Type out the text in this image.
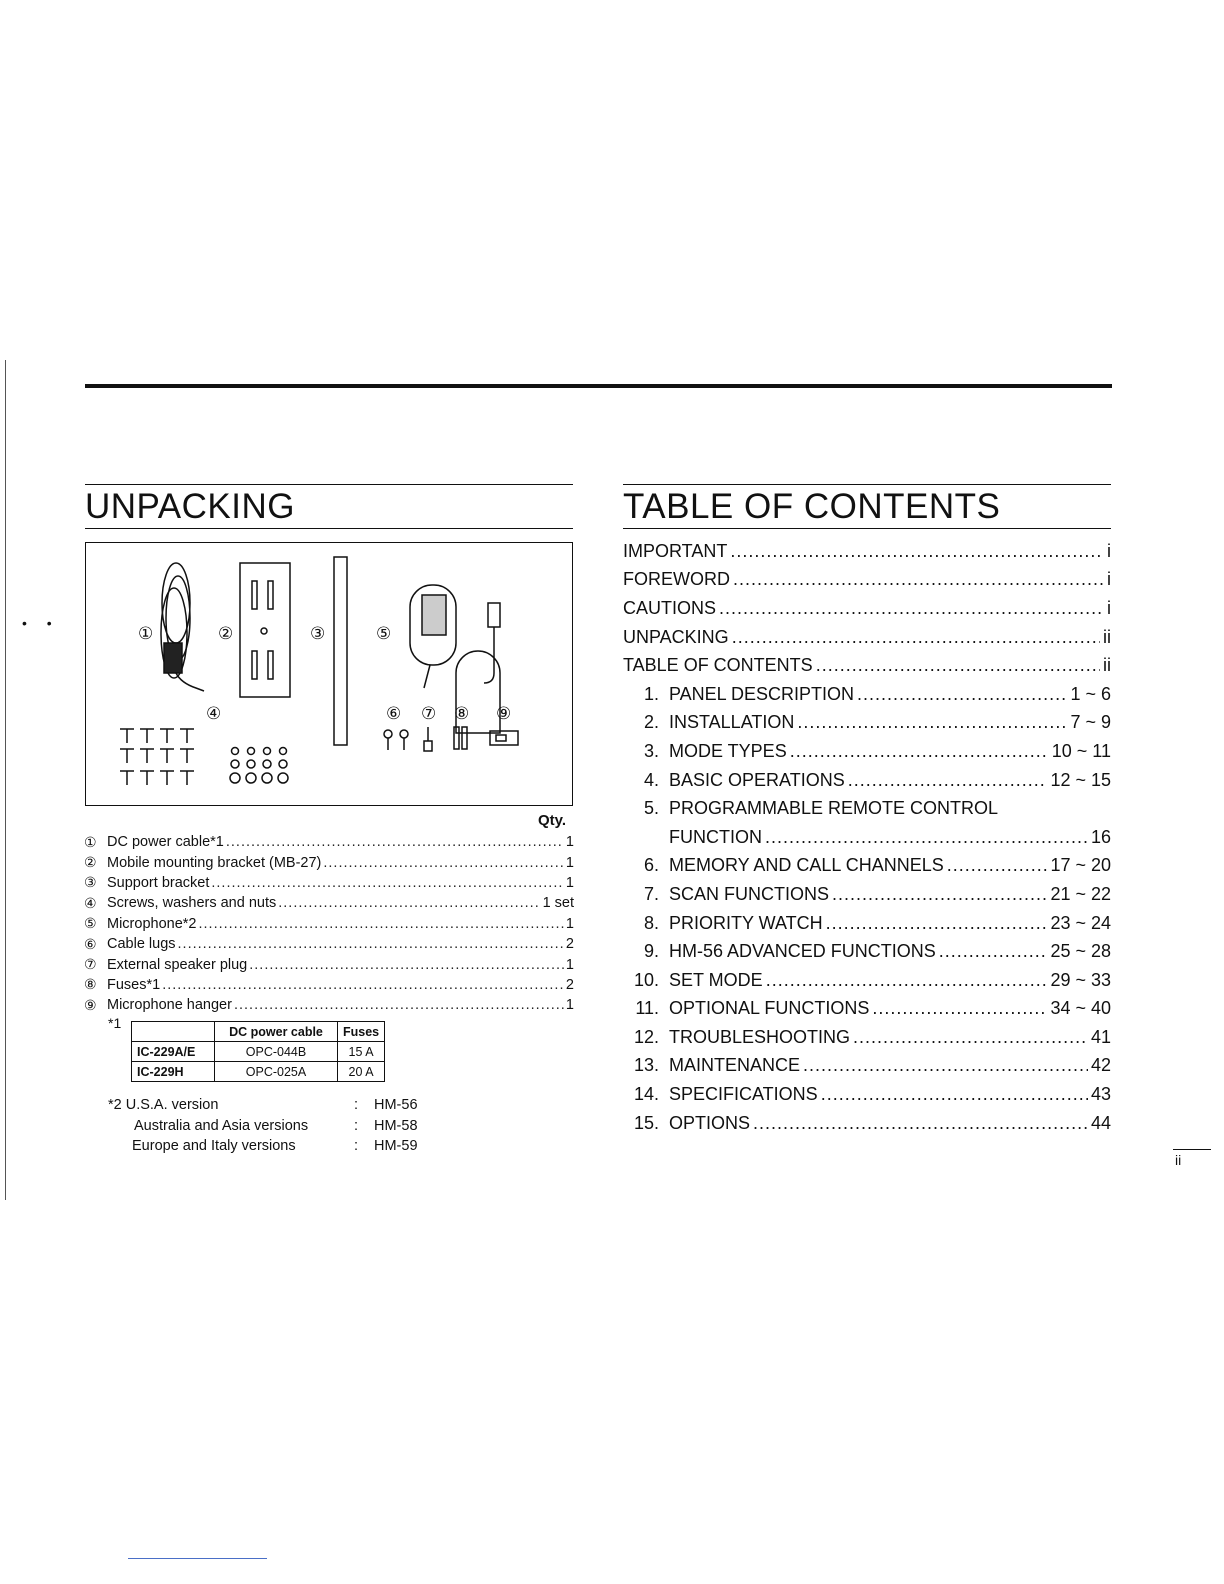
• •
UNPACKING
①	②	③
④
⑤
⑥ ⑦ ⑧ ⑨
Qty.
① DC power cable*1 .....	1
② Mobile mounting bracket (MB-27) .....	1
③ Support bracket .....	1
④ Screws, washers and nuts .....	1 set
⑤ Microphone*2 .....	1
⑥ Cable lugs .....	2
⑦ External speaker plug .....	1
⑧ Fuses*1 .....	2
⑨ Microphone hanger .....	1
*1
	DC power cable	Fuses
IC-229A/E	OPC-044B	15 A
IC-229H	OPC-025A	20 A
*2 U.S.A. version	:	HM-56
Australia and Asia versions	:	HM-58
Europe and Italy versions	:	HM-59
TABLE OF CONTENTS
IMPORTANT .....	i
FOREWORD .....	i
CAUTIONS .....	i
UNPACKING .....	ii
TABLE OF CONTENTS .....	ii
1. PANEL DESCRIPTION .....	1 ~ 6
2. INSTALLATION .....	7 ~ 9
3. MODE TYPES .....	10 ~ 11
4. BASIC OPERATIONS .....	12 ~ 15
5. PROGRAMMABLE REMOTE CONTROL
FUNCTION .....	16
6. MEMORY AND CALL CHANNELS .....	17 ~ 20
7. SCAN FUNCTIONS .....	21 ~ 22
8. PRIORITY WATCH .....	23 ~ 24
9. HM-56 ADVANCED FUNCTIONS .....	25 ~ 28
10. SET MODE .....	29 ~ 33
11. OPTIONAL FUNCTIONS .....	34 ~ 40
12. TROUBLESHOOTING .....	41
13. MAINTENANCE .....	42
14. SPECIFICATIONS .....	43
15. OPTIONS .....	44
ii
